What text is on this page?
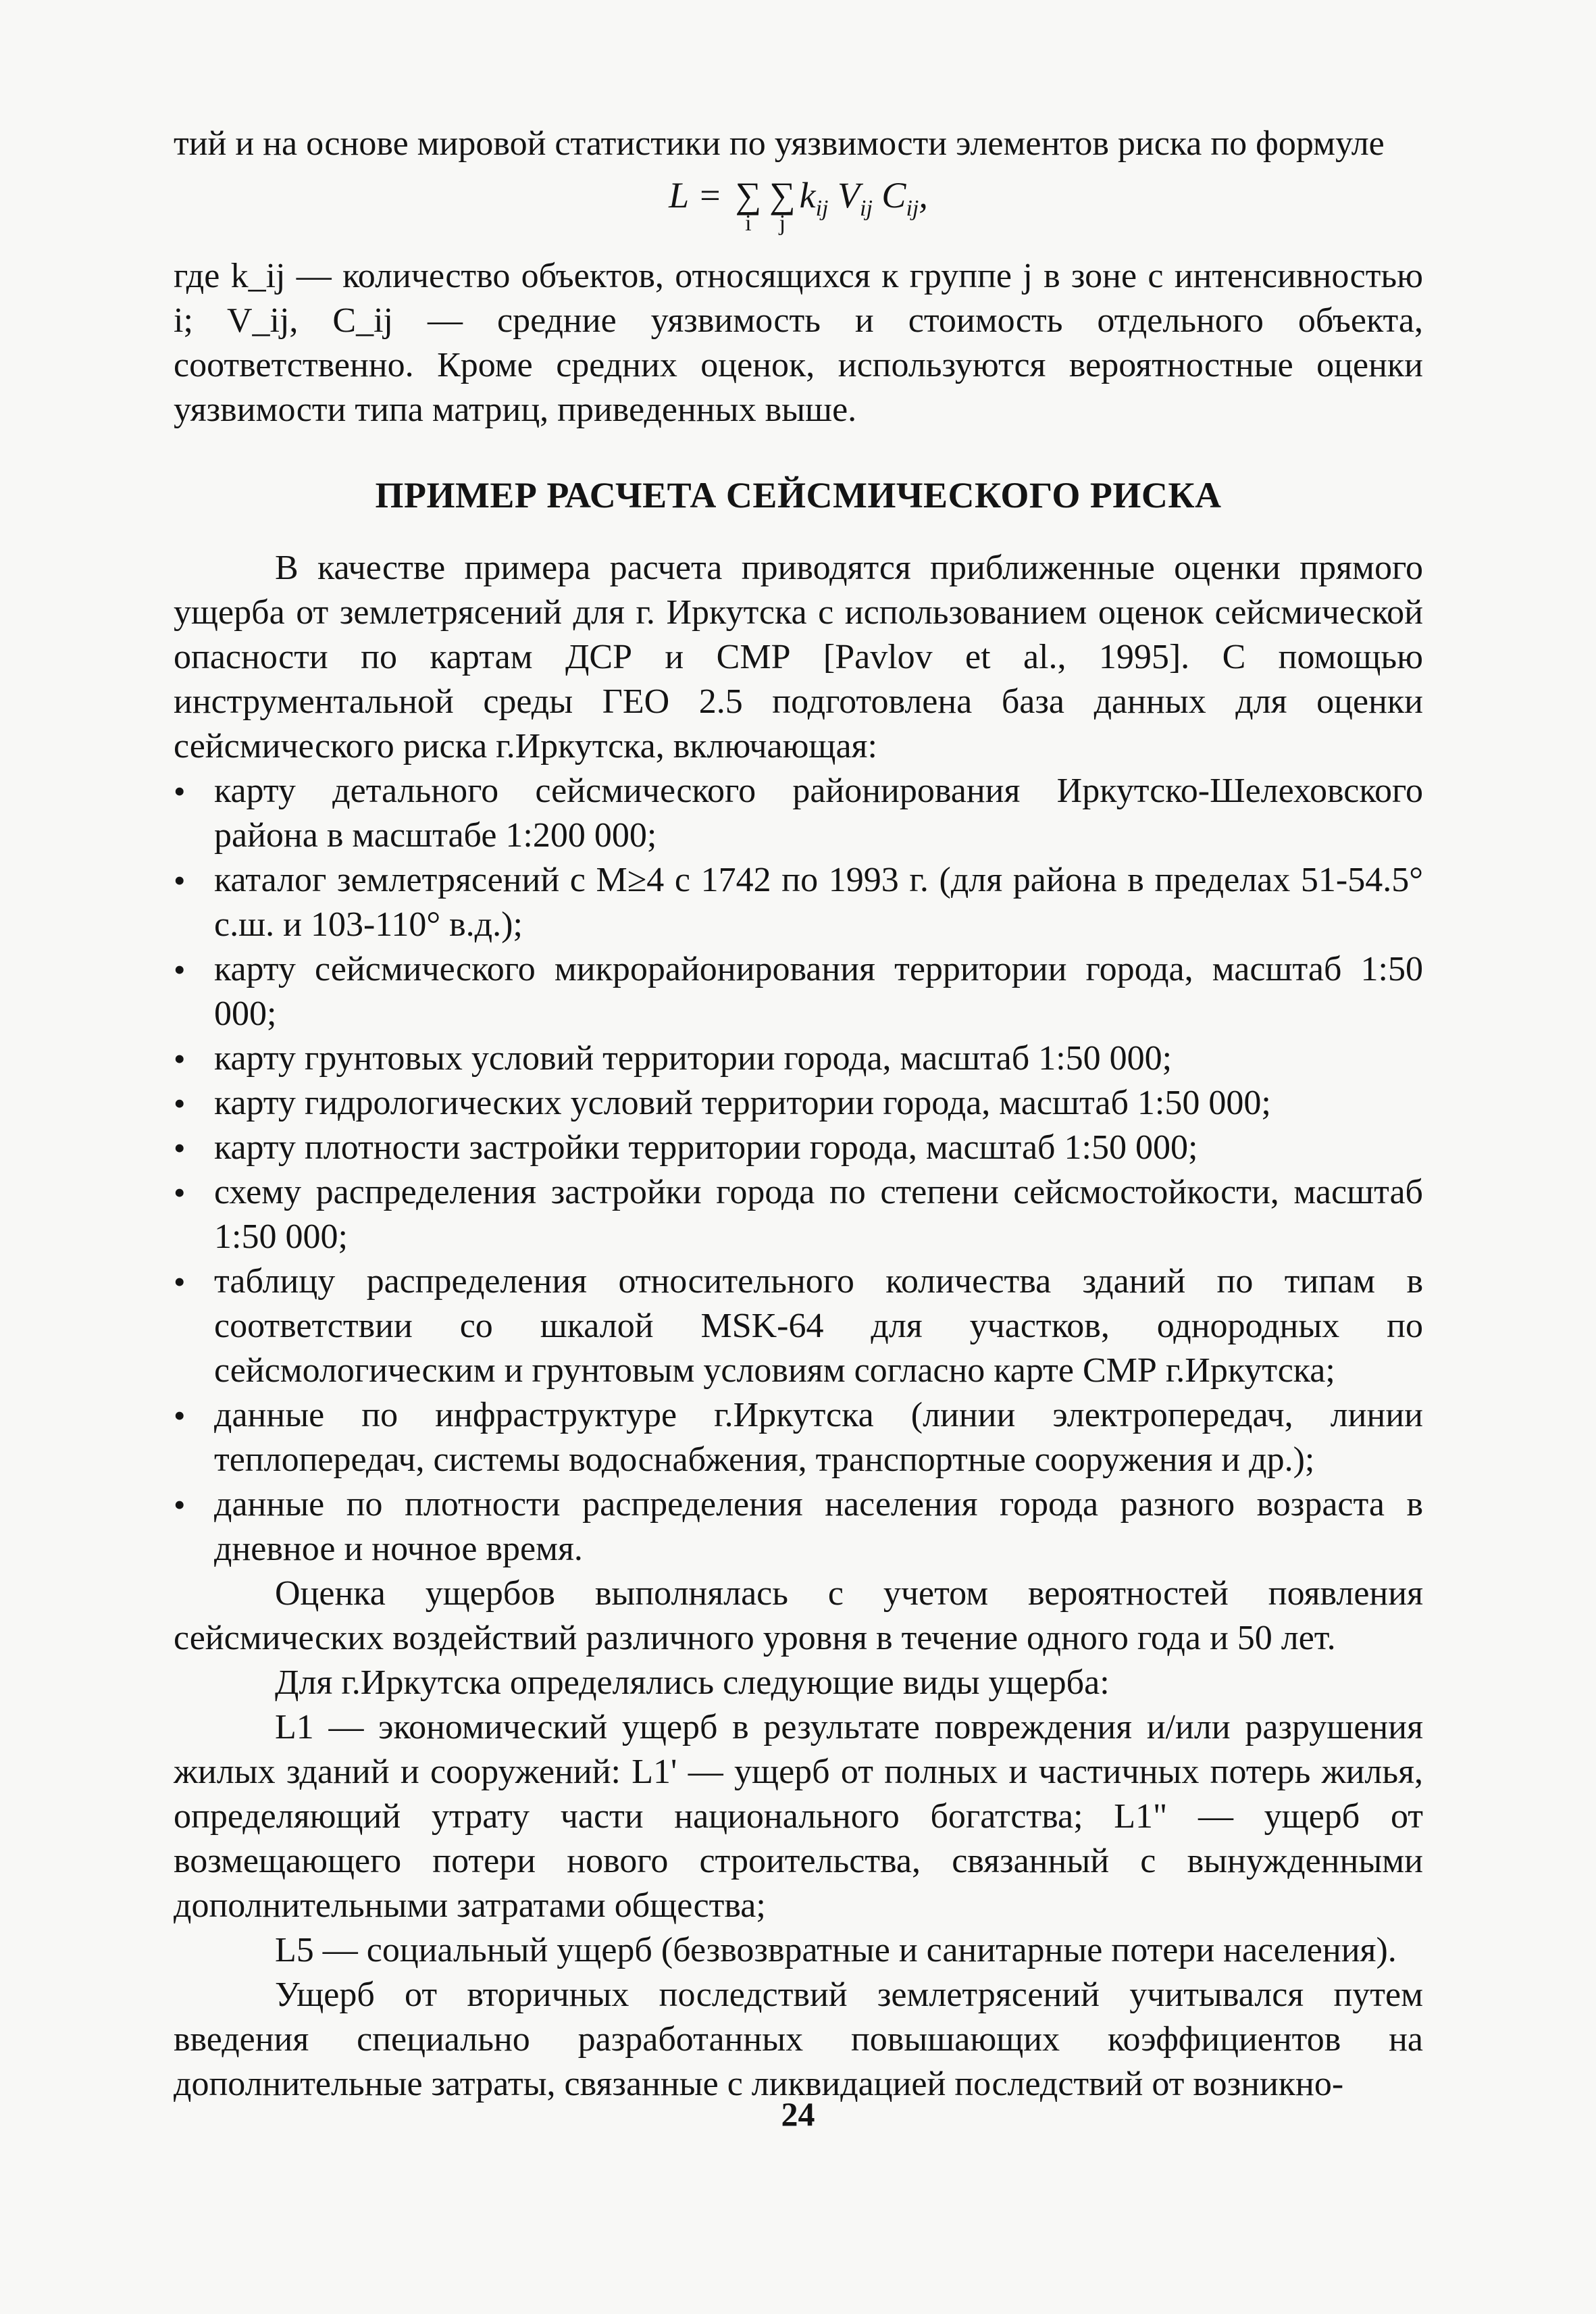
тий и на основе мировой статистики по уязвимости элементов риска по формуле

L = ∑
i
∑
j
$k_{ij}$ $V_{ij}$ $C_{ij}$,

где k_ij — количество объектов, относящихся к группе j в зоне с интенсивностью i; V_ij, C_ij — средние уязвимость и стоимость отдельного объекта, соответственно. Кроме средних оценок, используются вероятностные оценки уязвимости типа матриц, приведенных выше.

ПРИМЕР РАСЧЕТА СЕЙСМИЧЕСКОГО РИСКА

В качестве примера расчета приводятся приближенные оценки прямого ущерба от землетрясений для г. Иркутска с использованием оценок сейсмической опасности по картам ДСР и СМР [Pavlov et al., 1995]. С помощью инструментальной среды ГЕО 2.5 подготовлена база данных для оценки сейсмического риска г.Иркутска, включающая:

• карту детального сейсмического районирования Иркутско-Шелеховского района в масштабе 1:200 000;
• каталог землетрясений с M≥4 с 1742 по 1993 г. (для района в пределах 51-54.5° с.ш. и 103-110° в.д.);
• карту сейсмического микрорайонирования территории города, масштаб 1:50 000;
• карту грунтовых условий территории города, масштаб 1:50 000;
• карту гидрологических условий территории города, масштаб 1:50 000;
• карту плотности застройки территории города, масштаб 1:50 000;
• схему распределения застройки города по степени сейсмостойкости, масштаб 1:50 000;
• таблицу распределения относительного количества зданий по типам в соответствии со шкалой MSK-64 для участков, однородных по сейсмологическим и грунтовым условиям согласно карте СМР г.Иркутска;
• данные по инфраструктуре г.Иркутска (линии электропередач, линии теплопередач, системы водоснабжения, транспортные сооружения и др.);
• данные по плотности распределения населения города разного возраста в дневное и ночное время.

Оценка ущербов выполнялась с учетом вероятностей появления сейсмических воздействий различного уровня в течение одного года и 50 лет.

Для г.Иркутска определялись следующие виды ущерба:

L1 — экономический ущерб в результате повреждения и/или разрушения жилых зданий и сооружений: L1' — ущерб от полных и частичных потерь жилья, определяющий утрату части национального богатства; L1" — ущерб от возмещающего потери нового строительства, связанный с вынужденными дополнительными затратами общества;

L5 — социальный ущерб (безвозвратные и санитарные потери населения).

Ущерб от вторичных последствий землетрясений учитывался путем введения специально разработанных повышающих коэффициентов на дополнительные затраты, связанные с ликвидацией последствий от возникно-

24
